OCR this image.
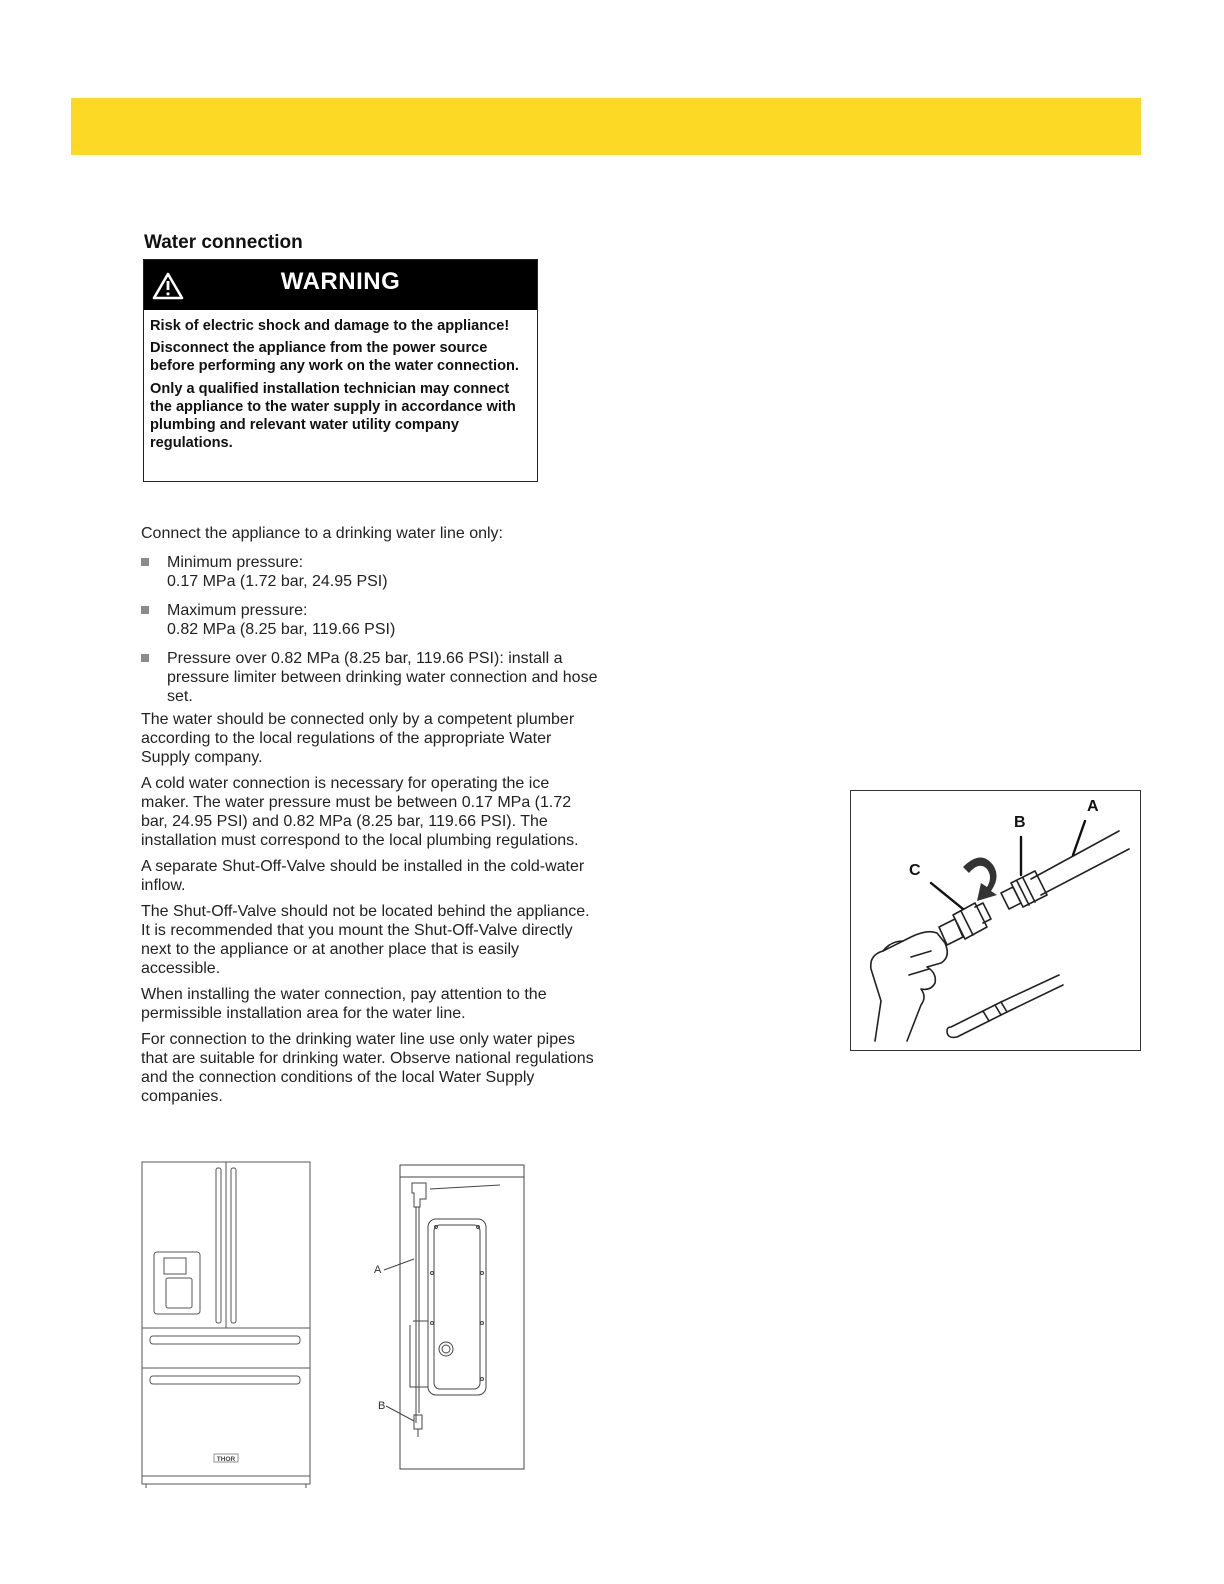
Water connection
WARNING

Risk of electric shock and damage to the appliance!

Disconnect the appliance from the power source before performing any work on the water connection.

Only a qualified installation technician may connect the appliance to the water supply in accordance with plumbing and relevant water utility company regulations.

Connect the appliance to a drinking water line only:

Minimum pressure:
0.17 MPa (1.72 bar, 24.95 PSI)
Maximum pressure:
0.82 MPa (8.25 bar, 119.66 PSI)
Pressure over 0.82 MPa (8.25 bar, 119.66 PSI): install a pressure limiter between drinking water connection and hose set.

The water should be connected only by a competent plumber according to the local regulations of the appropriate Water Supply company.

A cold water connection is necessary for operating the ice maker. The water pressure must be between 0.17 MPa (1.72 bar, 24.95 PSI) and 0.82 MPa (8.25 bar, 119.66 PSI). The installation must correspond to the local plumbing regulations.

A separate Shut-Off-Valve should be installed in the cold-water inflow.

The Shut-Off-Valve should not be located behind the appliance. It is recommended that you mount the Shut-Off-Valve directly next to the appliance or at another place that is easily accessible.

When installing the water connection, pay attention to the permissible installation area for the water line.

For connection to the drinking water line use only water pipes that are suitable for drinking water. Observe national regulations and the connection conditions of the local Water Supply companies.

A
B
C
THOR
A
B
